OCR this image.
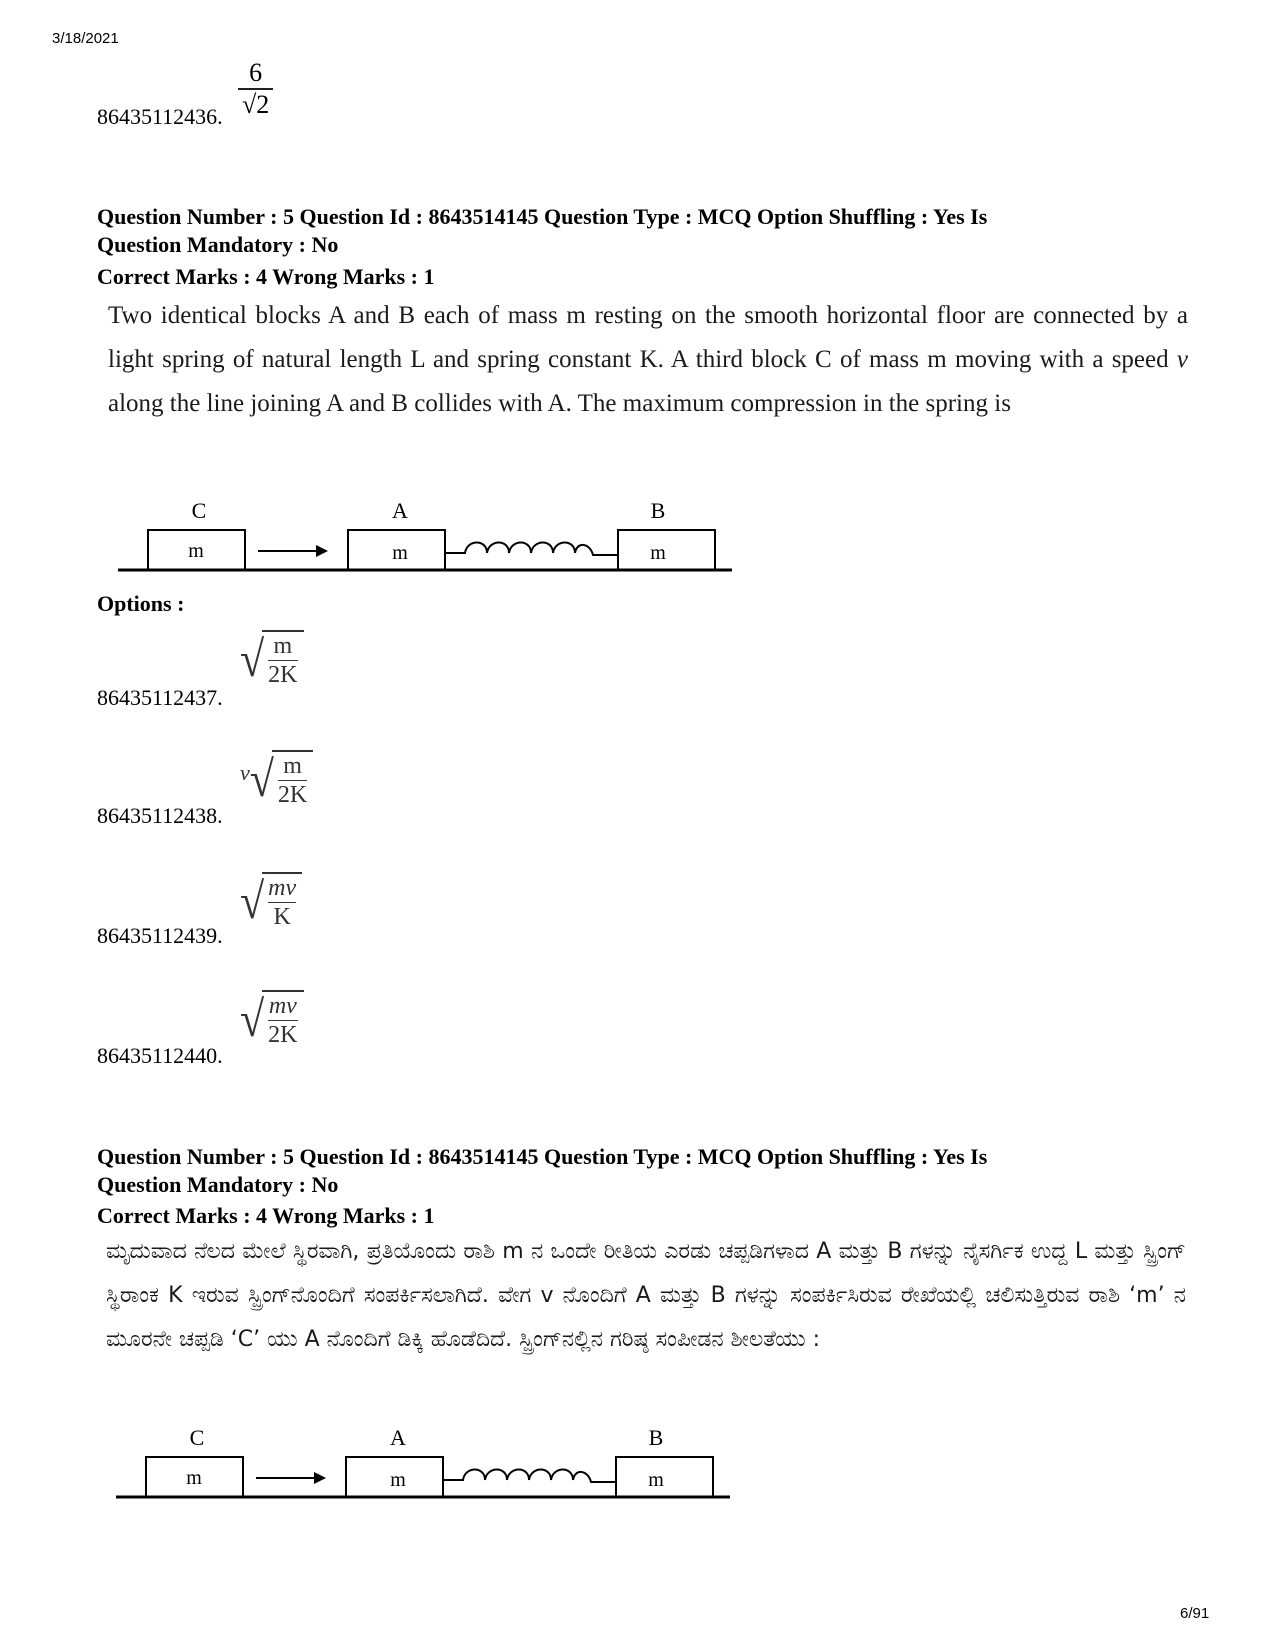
3/18/2021
6/91
$\frac{6}{√2}$
86435112436.
Question Number : 5 Question Id : 8643514145 Question Type : MCQ Option Shuffling : Yes Is
Question Mandatory : No
Correct Marks : 4 Wrong Marks : 1
Two identical blocks A and B each of mass m resting on the smooth horizontal floor are connected by a light spring of natural length L and spring constant K. A third block C of mass m moving with a speed v along the line joining A and B collides with A. The maximum compression in the spring is
C	A	B
m	m	m
Options :
86435112437.
√ m
2K
86435112438.
v √ m
2K
86435112439.
√ mv
K
86435112440.
√ mv
2K
Question Number : 5 Question Id : 8643514145 Question Type : MCQ Option Shuffling : Yes Is
Question Mandatory : No
Correct Marks : 4 Wrong Marks : 1
ಮೃದುವಾದ ನೆಲದ ಮೇಲೆ ಸ್ಥಿರವಾಗಿ, ಪ್ರತಿಯೊಂದು ರಾಶಿ m ನ ಒಂದೇ ರೀತಿಯ ಎರಡು ಚಪ್ಪಡಿಗಳಾದ A ಮತ್ತು B ಗಳನ್ನು ನೈಸರ್ಗಿಕ ಉದ್ದ L ಮತ್ತು ಸ್ಪ್ರಿಂಗ್ ಸ್ಥಿರಾಂಕ K ಇರುವ ಸ್ಪ್ರಿಂಗ್‌ನೊಂದಿಗೆ ಸಂಪರ್ಕಿಸಲಾಗಿದೆ. ವೇಗ v ನೊಂದಿಗೆ A ಮತ್ತು B ಗಳನ್ನು ಸಂಪರ್ಕಿಸಿರುವ ರೇಖೆಯಲ್ಲಿ ಚಲಿಸುತ್ತಿರುವ ರಾಶಿ ‘m’ ನ ಮೂರನೇ ಚಪ್ಪಡಿ ‘C’ ಯು A ನೊಂದಿಗೆ ಡಿಕ್ಕಿ ಹೊಡೆದಿದೆ. ಸ್ಪ್ರಿಂಗ್‌ನಲ್ಲಿನ ಗರಿಷ್ಠ ಸಂಪೀಡನ ಶೀಲತೆಯು :
C	A	B
m	m	m
